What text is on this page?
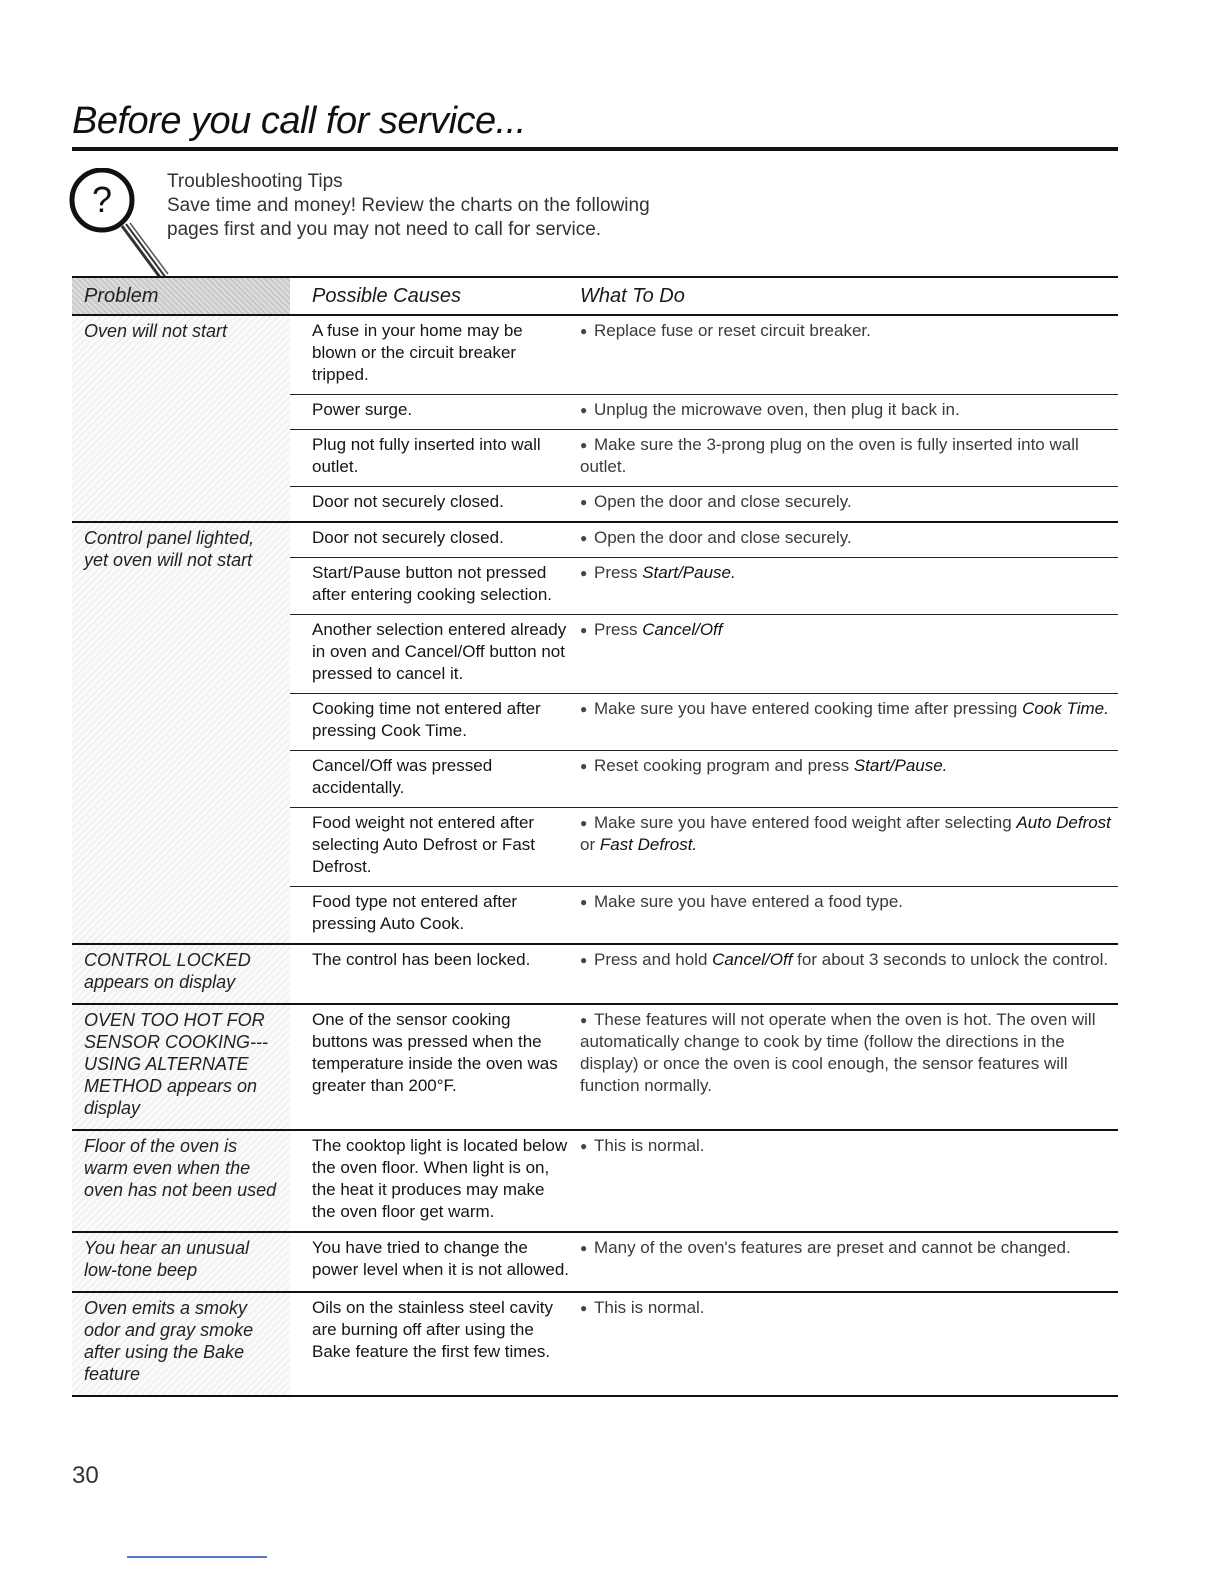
Before you call for service...
?	Troubleshooting Tips
Save time and money! Review the charts on the following
pages first and you may not need to call for service.
Problem	Possible Causes	What To Do
Oven will not start	A fuse in your home may be blown or the circuit breaker tripped.	● Replace fuse or reset circuit breaker.
	Power surge.	● Unplug the microwave oven, then plug it back in.
	Plug not fully inserted into wall outlet.	● Make sure the 3-prong plug on the oven is fully inserted into wall outlet.
	Door not securely closed.	● Open the door and close securely.
Control panel lighted, yet oven will not start	Door not securely closed.	● Open the door and close securely.
	Start/Pause button not pressed after entering cooking selection.	● Press Start/Pause.
	Another selection entered already in oven and Cancel/Off button not pressed to cancel it.	● Press Cancel/Off
	Cooking time not entered after pressing Cook Time.	● Make sure you have entered cooking time after pressing Cook Time.
	Cancel/Off was pressed accidentally.	● Reset cooking program and press Start/Pause.
	Food weight not entered after selecting Auto Defrost or Fast Defrost.	● Make sure you have entered food weight after selecting Auto Defrost or Fast Defrost.
	Food type not entered after pressing Auto Cook.	● Make sure you have entered a food type.
CONTROL LOCKED appears on display	The control has been locked.	● Press and hold Cancel/Off for about 3 seconds to unlock the control.
OVEN TOO HOT FOR SENSOR COOKING--- USING ALTERNATE METHOD appears on display	One of the sensor cooking buttons was pressed when the temperature inside the oven was greater than 200°F.	● These features will not operate when the oven is hot. The oven will automatically change to cook by time (follow the directions in the display) or once the oven is cool enough, the sensor features will function normally.
Floor of the oven is warm even when the oven has not been used	The cooktop light is located below the oven floor. When light is on, the heat it produces may make the oven floor get warm.	● This is normal.
You hear an unusual low-tone beep	You have tried to change the power level when it is not allowed.	● Many of the oven's features are preset and cannot be changed.
Oven emits a smoky odor and gray smoke after using the Bake feature	Oils on the stainless steel cavity are burning off after using the Bake feature the first few times.	● This is normal.
30
